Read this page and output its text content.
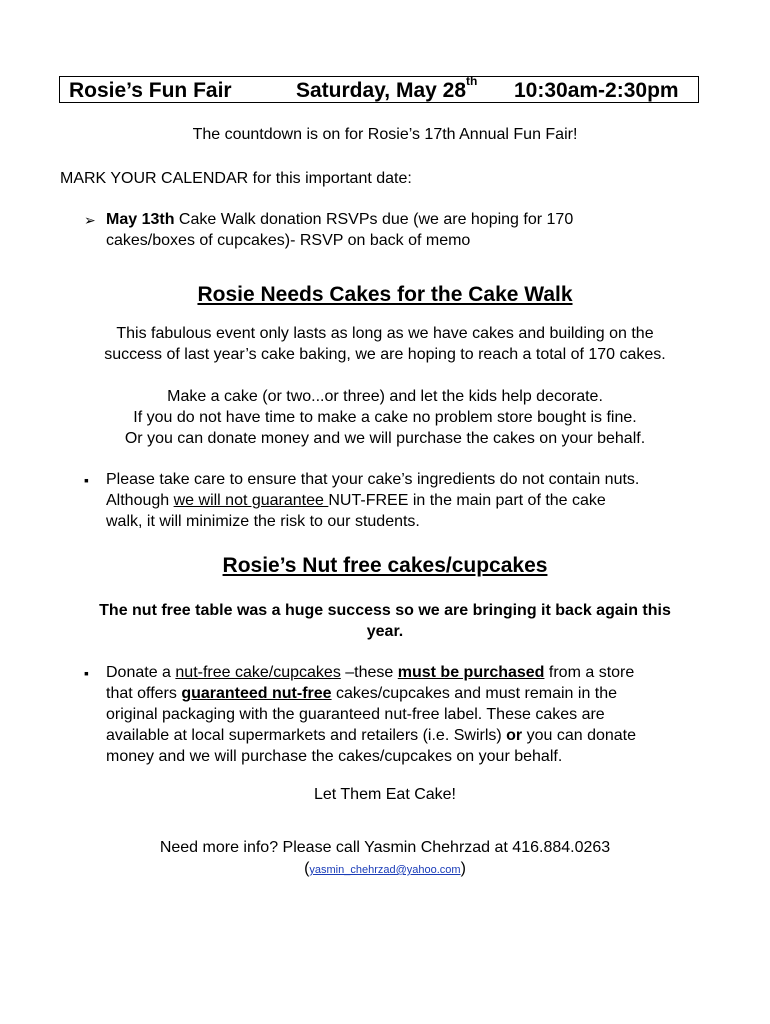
Rosie’s Fun Fair	Saturday, May 28th 10:30am-2:30pm
The countdown is on for Rosie’s 17th Annual Fun Fair!
MARK YOUR CALENDAR for this important date:
➢ May 13th Cake Walk donation RSVPs due (we are hoping for 170
cakes/boxes of cupcakes)- RSVP on back of memo
Rosie Needs Cakes for the Cake Walk
This fabulous event only lasts as long as we have cakes and building on the
success of last year’s cake baking, we are hoping to reach a total of 170 cakes.
Make a cake (or two...or three) and let the kids help decorate.
If you do not have time to make a cake no problem store bought is fine.
Or you can donate money and we will purchase the cakes on your behalf.
▪ Please take care to ensure that your cake’s ingredients do not contain nuts.
Although we will not guarantee NUT-FREE in the main part of the cake
walk, it will minimize the risk to our students.
Rosie’s Nut free cakes/cupcakes
The nut free table was a huge success so we are bringing it back again this
year.
▪ Donate a nut-free cake/cupcakes –these must be purchased from a store
that offers guaranteed nut-free cakes/cupcakes and must remain in the
original packaging with the guaranteed nut-free label. These cakes are
available at local supermarkets and retailers (i.e. Swirls) or you can donate
money and we will purchase the cakes/cupcakes on your behalf.
Let Them Eat Cake!
Need more info? Please call Yasmin Chehrzad at 416.884.0263
(yasmin_chehrzad@yahoo.com)
